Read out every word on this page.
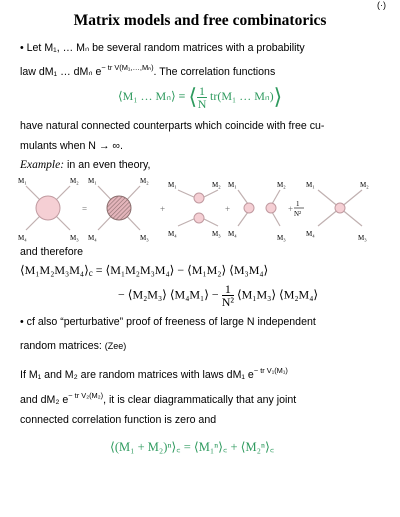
(·)
Matrix models and free combinatorics
• Let M₁, … Mₙ be several random matrices with a probability
law dM₁ … dMₙ $e^{- tr V(M_1,\dots,M_n)}$. The correlation functions
⟨M₁ … Mₙ⟩ ≡ ⟨ $\frac{1}{N} tr(M_1$ … Mₙ)⟩
have natural connected counterparts which coincide with free cu-
mulants when N → ∞.
Example: in an even theory,
M₁	M₂
M₄	M₃
M₁	M₂
M₄	M₃
M₁	M₂
M₄	M₃
M₁	M₂
M₄	M₃
M₁	M₂
M₄	M₃
=	+	+	+ 1
N²
and therefore
$⟨M_1M_2M_3M_4⟩_c$ = ⟨M₁M₂M₃M₄⟩ − ⟨M₁M₂⟩ ⟨M₃M₄⟩
− ⟨M₂M₃⟩ ⟨M₄M₁⟩ − $\frac{1}{\text{N²}}$ ⟨M₁M₃⟩ ⟨M₂M₄⟩
• cf also “perturbative” proof of freeness of large N independent
random matrices: (Zee)
If M₁ and M₂ are random matrices with laws dM₁ $e^{- tr V_1(M_1)}$
and dM₂ $e^{- tr V_2(M_2)}$, it is clear diagrammatically that any joint
connected correlation function is zero and
⟨(M₁ + M₂)ⁿ⟩꜀ = ⟨M₁ⁿ⟩꜀ + ⟨M₂ⁿ⟩꜀
